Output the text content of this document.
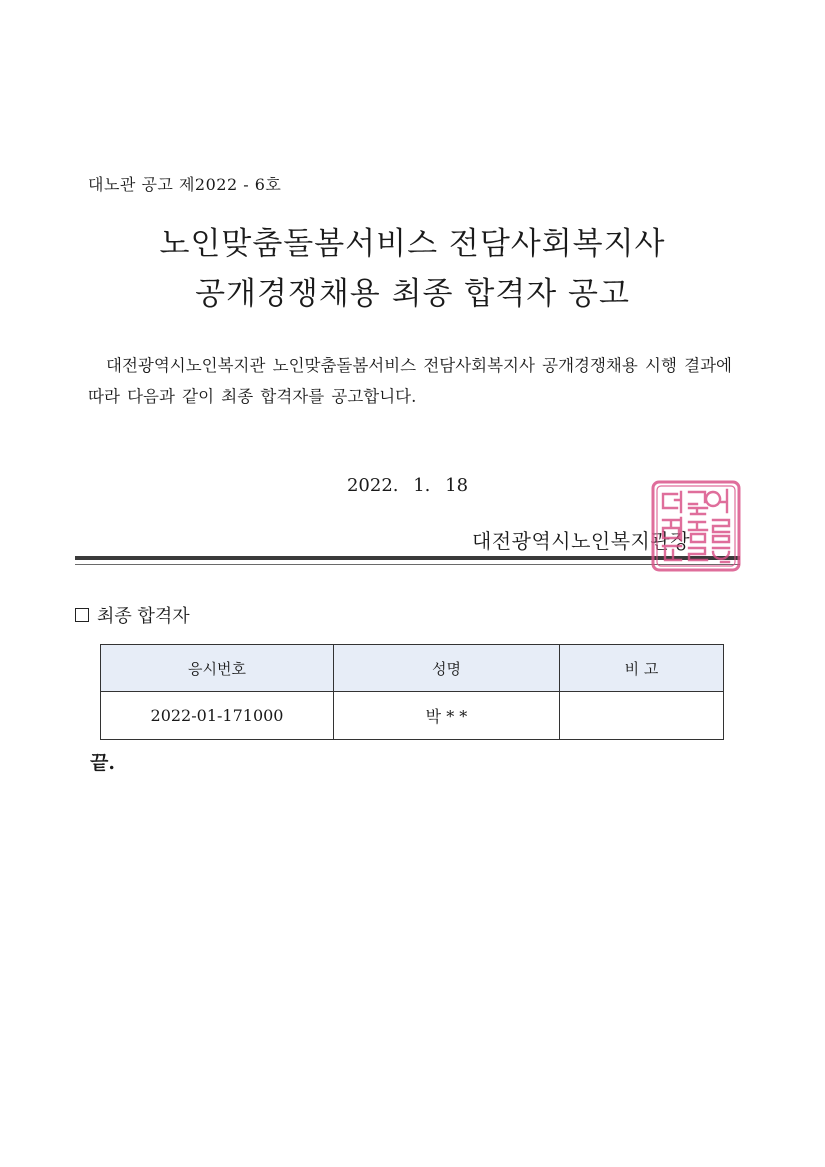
대노관 공고 제2022 - 6호
노인맞춤돌봄서비스 전담사회복지사
공개경쟁채용 최종 합격자 공고
대전광역시노인복지관 노인맞춤돌봄서비스 전담사회복지사 공개경쟁채용 시행 결과에 따라 다음과 같이 최종 합격자를 공고합니다.
2022. 1. 18
대전광역시노인복지관장
최종 합격자
응시번호	성명	비 고
2022-01-171000	박 * *	
끝.
